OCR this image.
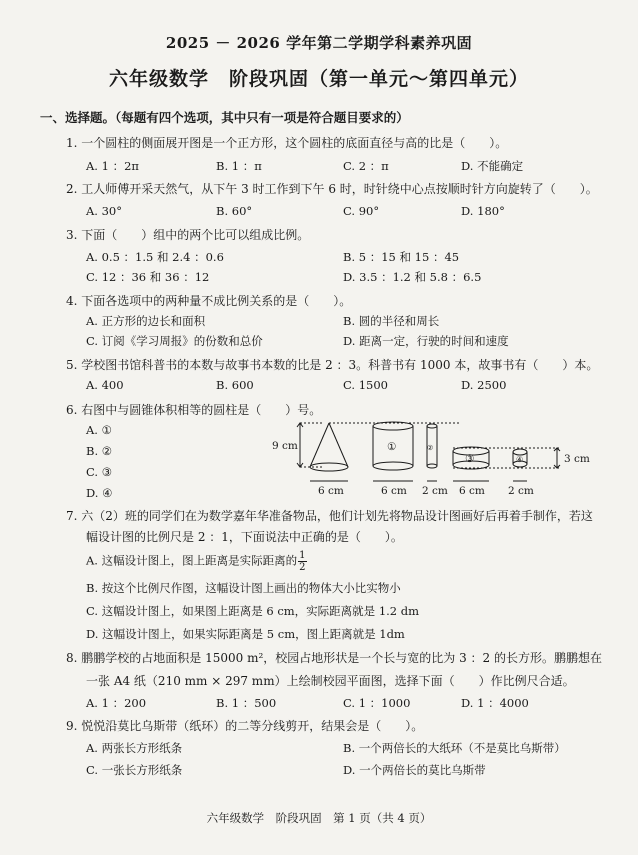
2025 － 2026 学年第二学期学科素养巩固
六年级数学　阶段巩固（第一单元～第四单元）
一、选择题。（每题有四个选项，其中只有一项是符合题目要求的）
1. 一个圆柱的侧面展开图是一个正方形，这个圆柱的底面直径与高的比是（　　）。
A. 1 ：2π	B. 1 ：π	C. 2 ：π	D. 不能确定
2. 工人师傅开采天然气，从下午 3 时工作到下午 6 时，时针绕中心点按顺时针方向旋转了（　　）。
A. 30°	B. 60°	C. 90°	D. 180°
3. 下面（　　）组中的两个比可以组成比例。
A. 0.5 ：1.5 和 2.4 ：0.6	B. 5 ：15 和 15 ：45
C. 12 ：36 和 36 ：12	D. 3.5 ：1.2 和 5.8 ：6.5
4. 下面各选项中的两种量不成比例关系的是（　　）。
A. 正方形的边长和面积	B. 圆的半径和周长
C. 订阅《学习周报》的份数和总价	D. 距离一定，行驶的时间和速度
5. 学校图书馆科普书的本数与故事书本数的比是 2 ：3。科普书有 1000 本，故事书有（　　）本。
A. 400	B. 600	C. 1500	D. 2500
6. 右图中与圆锥体积相等的圆柱是（　　）号。
A. ①
B. ②
C. ③
D. ④
9 cm
3 cm
6 cm	6 cm 2 cm 6 cm 2 cm
①	②
③	④
7. 六（2）班的同学们在为数学嘉年华准备物品，他们计划先将物品设计图画好后再着手制作，若这
幅设计图的比例尺是 2 ：1，下面说法中正确的是（　　）。
A. 这幅设计图上，图上距离是实际距离的 $\frac{1}{2}$
B. 按这个比例尺作图，这幅设计图上画出的物体大小比实物小
C. 这幅设计图上，如果图上距离是 6 cm，实际距离就是 1.2 dm
D. 这幅设计图上，如果实际距离是 5 cm，图上距离就是 1dm
8. 鹏鹏学校的占地面积是 15000 m²，校园占地形状是一个长与宽的比为 3 ：2 的长方形。鹏鹏想在
一张 A4 纸（210 mm × 297 mm）上绘制校园平面图，选择下面（　　）作比例尺合适。
A. 1 ：200	B. 1 ：500	C. 1 ：1000	D. 1 ：4000
9. 悦悦沿莫比乌斯带（纸环）的二等分线剪开，结果会是（　　）。
A. 两张长方形纸条	B. 一个两倍长的大纸环（不是莫比乌斯带）
C. 一张长方形纸条	D. 一个两倍长的莫比乌斯带
六年级数学　阶段巩固　第 1 页（共 4 页）
